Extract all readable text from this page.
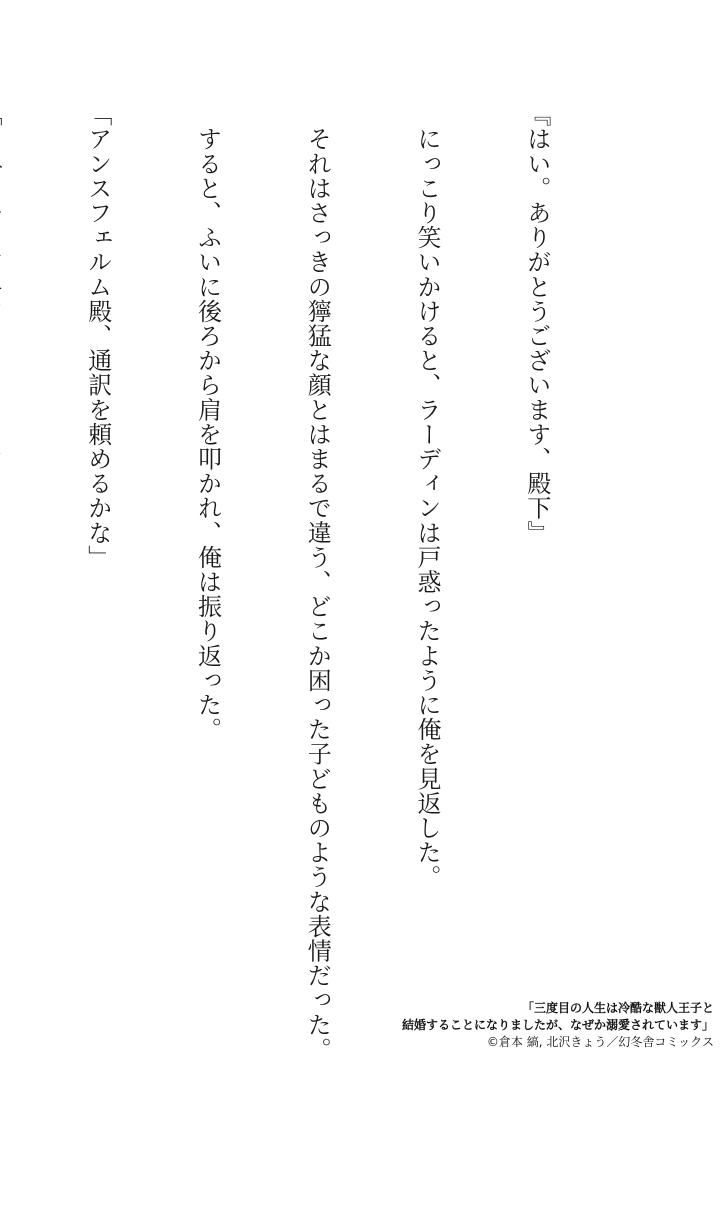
『はい。ありがとうございます、殿下』

　にっこり笑いかけると、ラーディンは戸惑ったように俺を見返した。

　それはさっきの獰猛な顔とはまるで違う、どこか困った子どものような表情だった。

　すると、ふいに後ろから肩を叩かれ、俺は振り返った。

「アンスフェルム殿、通訳を頼めるかな」

「三度目の人生は冷酷な獣人王子と
結婚することになりましたが、なぜか溺愛されています」
©倉本 縞, 北沢きょう／幻冬舎コミックス
